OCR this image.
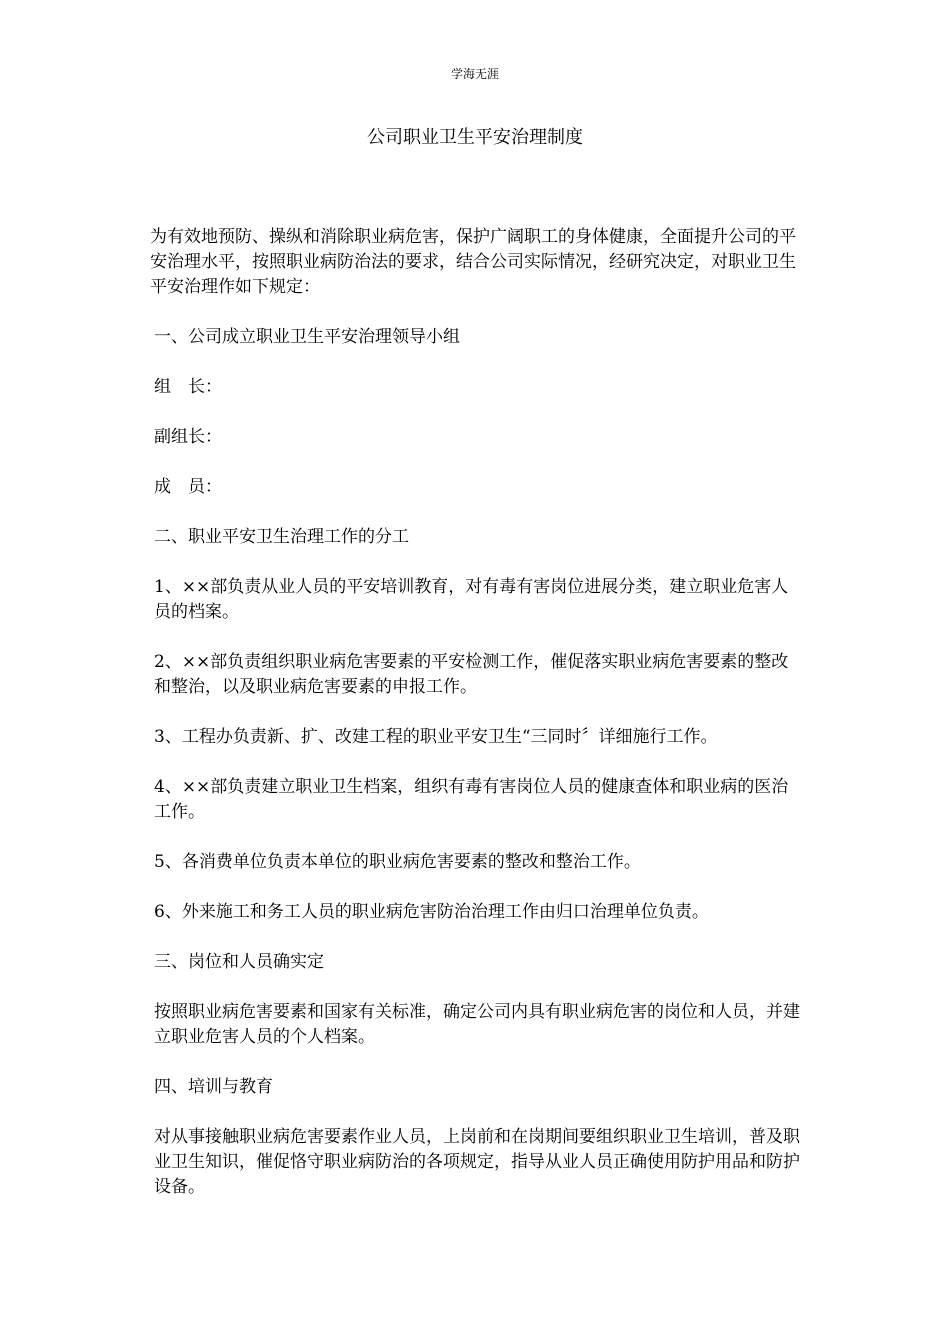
学海无涯
公司职业卫生平安治理制度

为有效地预防、操纵和消除职业病危害，保护广阔职工的身体健康，全面提升公司的平安治理水平，按照职业病防治法的要求，结合公司实际情况，经研究决定，对职业卫生平安治理作如下规定：

一、公司成立职业卫生平安治理领导小组

组　长：

副组长：

成　员：

二、职业平安卫生治理工作的分工

1、××部负责从业人员的平安培训教育，对有毒有害岗位进展分类，建立职业危害人员的档案。

2、××部负责组织职业病危害要素的平安检测工作，催促落实职业病危害要素的整改和整治，以及职业病危害要素的申报工作。

3、工程办负责新、扩、改建工程的职业平安卫生“三同时〞详细施行工作。

4、××部负责建立职业卫生档案，组织有毒有害岗位人员的健康查体和职业病的医治工作。

5、各消费单位负责本单位的职业病危害要素的整改和整治工作。

6、外来施工和务工人员的职业病危害防治治理工作由归口治理单位负责。

三、岗位和人员确实定

按照职业病危害要素和国家有关标准，确定公司内具有职业病危害的岗位和人员，并建立职业危害人员的个人档案。

四、培训与教育

对从事接触职业病危害要素作业人员，上岗前和在岗期间要组织职业卫生培训，普及职业卫生知识，催促恪守职业病防治的各项规定，指导从业人员正确使用防护用品和防护设备。
